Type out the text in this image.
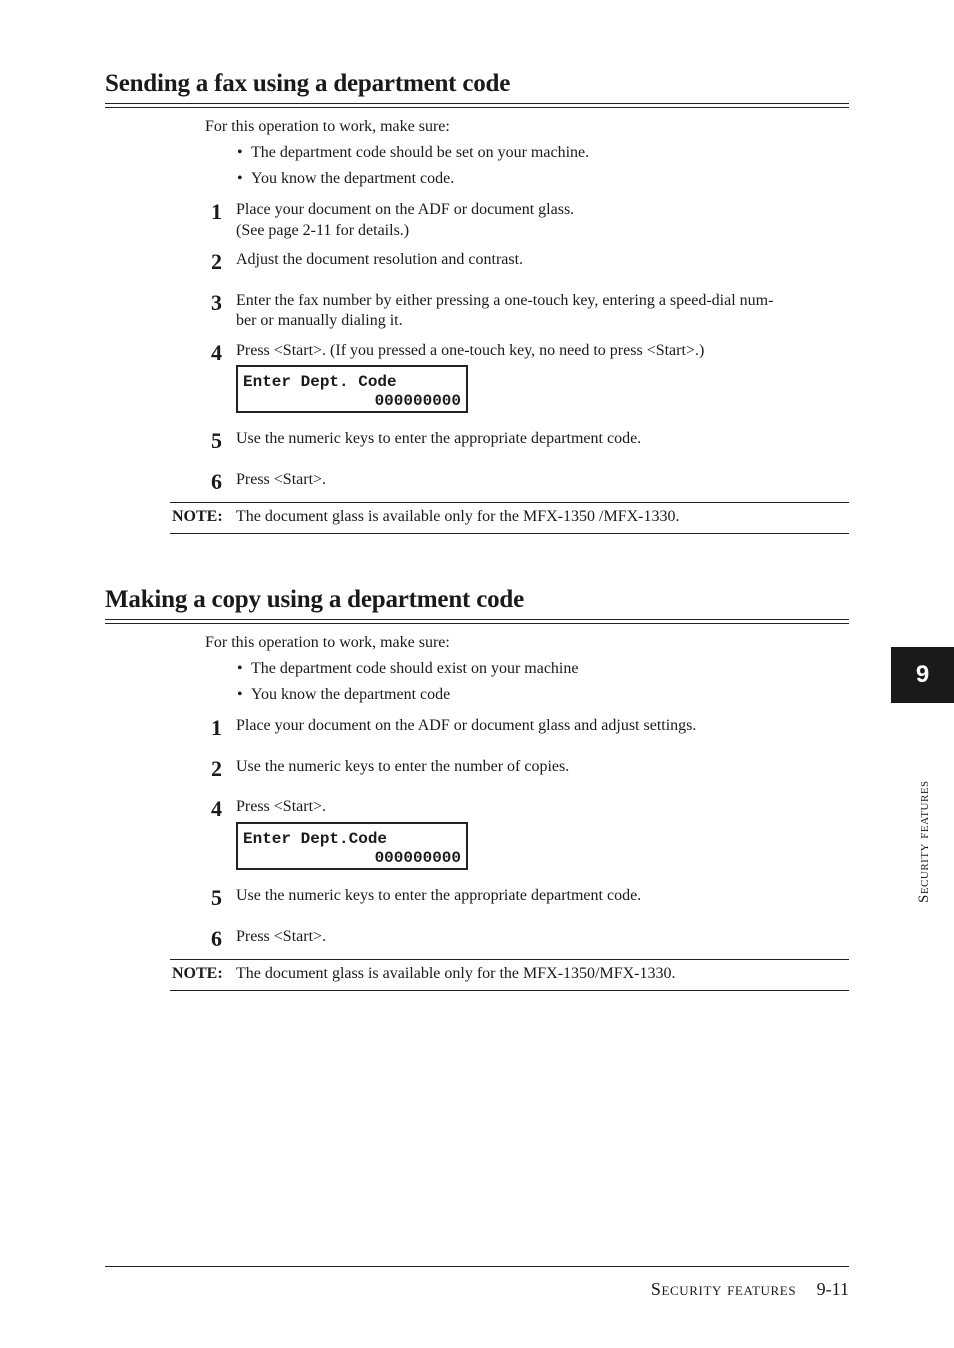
Sending a fax using a department code
For this operation to work, make sure:
• The department code should be set on your machine.
• You know the department code.
1 Place your document on the ADF or document glass.
(See page 2-11 for details.)
2 Adjust the document resolution and contrast.
3 Enter the fax number by either pressing a one-touch key, entering a speed-dial num-
ber or manually dialing it.
4 Press <Start>. (If you pressed a one-touch key, no need to press <Start>.)
Enter Dept. Code
000000000
5 Use the numeric keys to enter the appropriate department code.
6 Press <Start>.
NOTE: The document glass is available only for the MFX-1350 /MFX-1330.
Making a copy using a department code
For this operation to work, make sure:
• The department code should exist on your machine
• You know the department code
1 Place your document on the ADF or document glass and adjust settings.
2 Use the numeric keys to enter the number of copies.
4 Press <Start>.
Enter Dept.Code
000000000
5 Use the numeric keys to enter the appropriate department code.
6 Press <Start>.
NOTE: The document glass is available only for the MFX-1350/MFX-1330.
9
Security features
Security features 9-11
